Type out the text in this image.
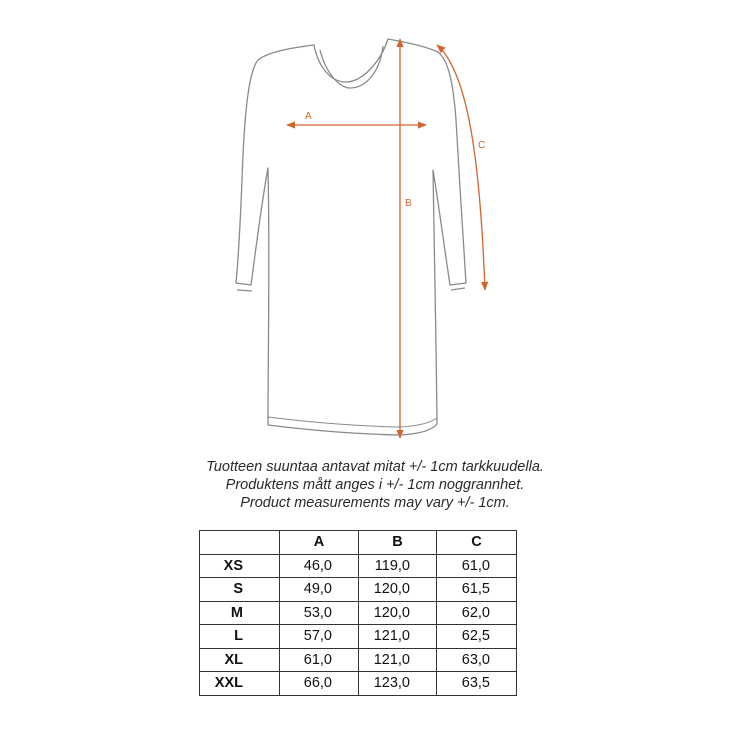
A
B
C
Tuotteen suuntaa antavat mitat +/- 1cm tarkkuudella.
Produktens mått anges i +/- 1cm noggrannhet.
Product measurements may vary +/- 1cm.
	A	B	C
XS	46,0	119,0	61,0
S	49,0	120,0	61,5
M	53,0	120,0	62,0
L	57,0	121,0	62,5
XL	61,0	121,0	63,0
XXL	66,0	123,0	63,5
